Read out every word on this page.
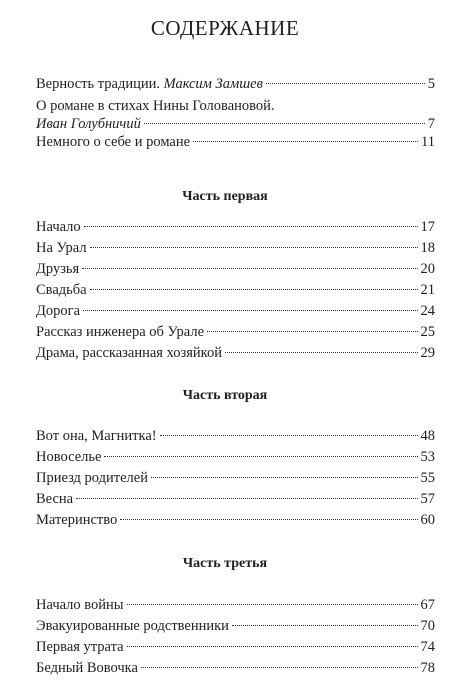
СОДЕРЖАНИЕ
Верность традиции. Максим Замшев	5
О романе в стихах Нины Головановой.
Иван Голубничий	7
Немного о себе и романе	11
Часть первая
Начало	17
На Урал	18
Друзья	20
Свадьба	21
Дорога	24
Рассказ инженера об Урале	25
Драма, рассказанная хозяйкой	29
Часть вторая
Вот она, Магнитка!	48
Новоселье	53
Приезд родителей	55
Весна	57
Материнство	60
Часть третья
Начало войны	67
Эвакуированные родственники	70
Первая утрата	74
Бедный Вовочка	78
